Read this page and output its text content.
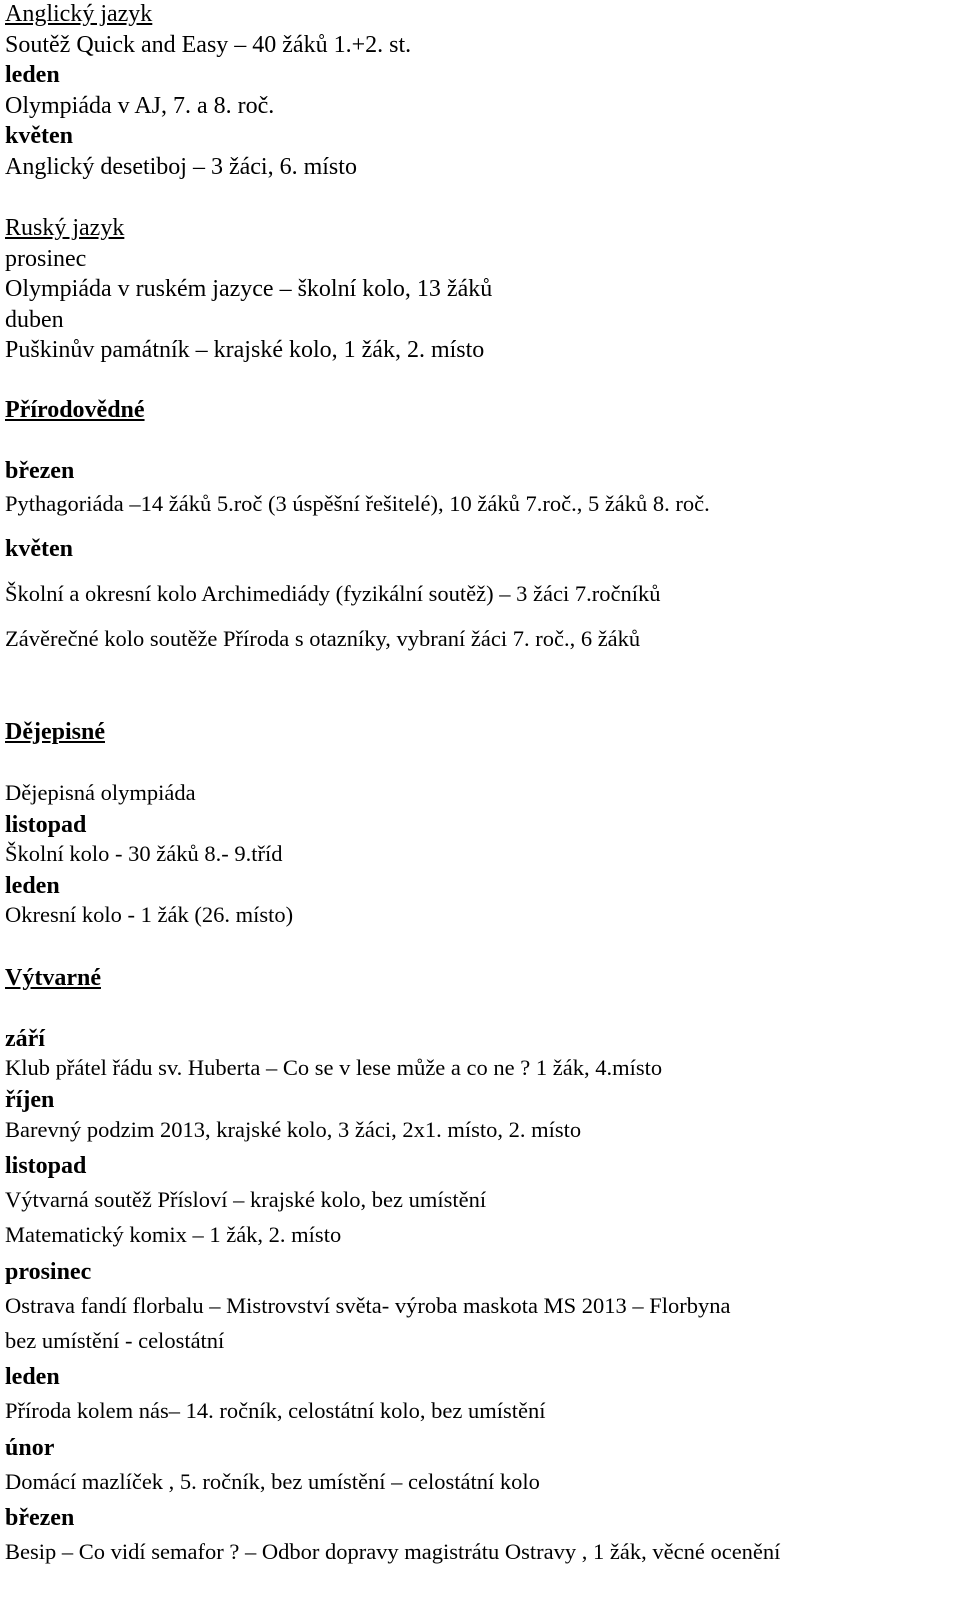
Anglický jazyk
Soutěž Quick and Easy – 40 žáků 1.+2. st.
leden
Olympiáda v AJ, 7. a 8. roč.
květen
Anglický desetiboj – 3 žáci, 6. místo
Ruský jazyk
prosinec
Olympiáda v ruském jazyce – školní kolo, 13 žáků
duben
Puškinův památník – krajské kolo, 1 žák, 2. místo
Přírodovědné
březen
Pythagoriáda –14 žáků 5.roč (3 úspěšní řešitelé), 10 žáků 7.roč., 5 žáků 8. roč.
květen
Školní a okresní kolo Archimediády (fyzikální soutěž) – 3 žáci 7.ročníků
Závěrečné kolo soutěže Příroda s otazníky, vybraní žáci 7. roč., 6 žáků
Dějepisné
Dějepisná olympiáda
listopad
Školní kolo - 30 žáků 8.- 9.tříd
leden
Okresní kolo - 1 žák (26. místo)
Výtvarné
září
Klub přátel řádu sv. Huberta – Co se v lese může a co ne ? 1 žák, 4.místo
říjen
Barevný podzim 2013, krajské kolo, 3 žáci, 2x1. místo, 2. místo
listopad
Výtvarná soutěž Přísloví – krajské kolo, bez umístění
Matematický komix – 1 žák, 2. místo
prosinec
Ostrava fandí florbalu – Mistrovství světa- výroba maskota MS 2013 – Florbyna
bez umístění - celostátní
leden
Příroda kolem nás– 14. ročník, celostátní kolo, bez umístění
únor
Domácí mazlíček , 5. ročník, bez umístění – celostátní kolo
březen
Besip – Co vidí semafor ? – Odbor dopravy magistrátu Ostravy , 1 žák, věcné ocenění
